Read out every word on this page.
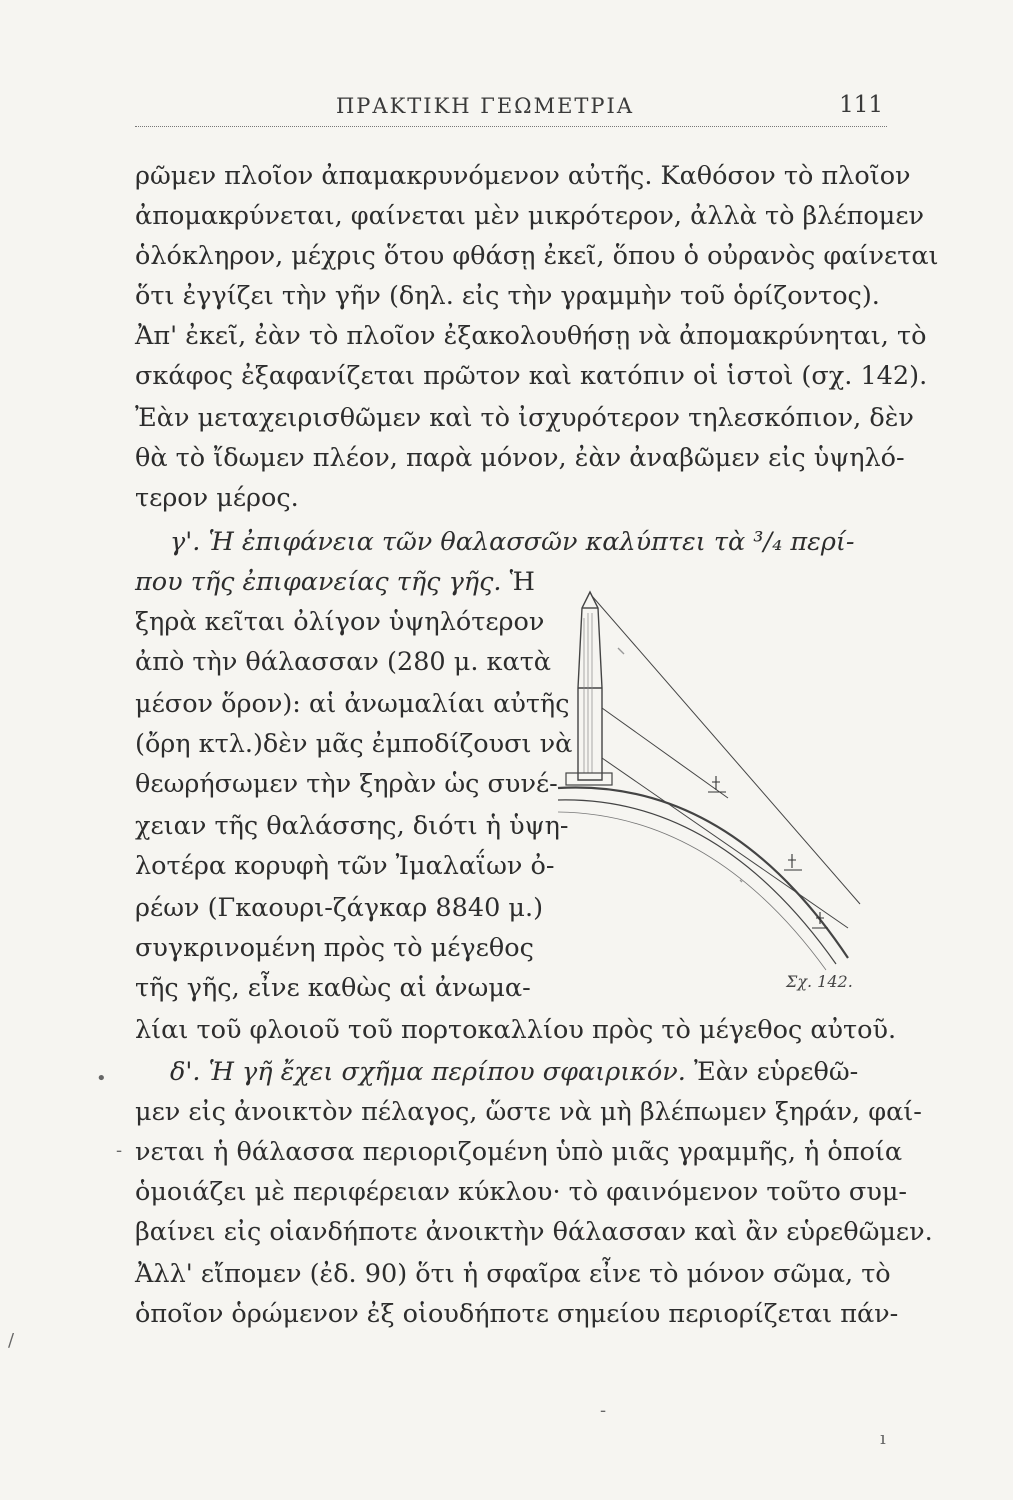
ΠΡΑΚΤΙΚΗ ΓΕΩΜΕΤΡΙΑ	111
ρῶμεν πλοῖον ἀπαμακρυνόμενον αὐτῆς. Καθόσον τὸ πλοῖον
ἀπομακρύνεται, φαίνεται μὲν μικρότερον, ἀλλὰ τὸ βλέπομεν
ὁλόκληρον, μέχρις ὅτου φθάσῃ ἐκεῖ, ὅπου ὁ οὐρανὸς φαίνεται
ὅτι ἐγγίζει τὴν γῆν (δηλ. εἰς τὴν γραμμὴν τοῦ ὁρίζοντος).
Ἀπ' ἐκεῖ, ἐὰν τὸ πλοῖον ἐξακολουθήσῃ νὰ ἀπομακρύνηται, τὸ
σκάφος ἐξαφανίζεται πρῶτον καὶ κατόπιν οἱ ἱστοὶ (σχ. 142).
Ἐὰν μεταχειρισθῶμεν καὶ τὸ ἰσχυρότερον τηλεσκόπιον, δὲν
θὰ τὸ ἴδωμεν πλέον, παρὰ μόνον, ἐὰν ἀναβῶμεν εἰς ὑψηλό-
τερον μέρος.
γ'. Ἡ ἐπιφάνεια τῶν θαλασσῶν καλύπτει τὰ ³/₄ περί-
που τῆς ἐπιφανείας τῆς γῆς. Ἡ
ξηρὰ κεῖται ὀλίγον ὑψηλότερον
ἀπὸ τὴν θάλασσαν (280 μ. κατὰ
μέσον ὅρον): αἱ ἀνωμαλίαι αὐτῆς
(ὄρη κτλ.)δὲν μᾶς ἐμποδίζουσι νὰ
θεωρήσωμεν τὴν ξηρὰν ὡς συνέ-
χειαν τῆς θαλάσσης, διότι ἡ ὑψη-
λοτέρα κορυφὴ τῶν Ἰμαλαΐων ὀ-
ρέων (Γκαουρι-ζάγκαρ 8840 μ.)
συγκρινομένη πρὸς τὸ μέγεθος
τῆς γῆς, εἶνε καθὼς αἱ ἀνωμα-
λίαι τοῦ φλοιοῦ τοῦ πορτοκαλλίου πρὸς τὸ μέγεθος αὐτοῦ.
Σχ. 142.
δ'. Ἡ γῆ ἔχει σχῆμα περίπου σφαιρικόν. Ἐὰν εὑρεθῶ-
μεν εἰς ἀνοικτὸν πέλαγος, ὥστε νὰ μὴ βλέπωμεν ξηράν, φαί-
νεται ἡ θάλασσα περιοριζομένη ὑπὸ μιᾶς γραμμῆς, ἡ ὁποία
ὁμοιάζει μὲ περιφέρειαν κύκλου· τὸ φαινόμενον τοῦτο συμ-
βαίνει εἰς οἱανδήποτε ἀνοικτὴν θάλασσαν καὶ ἂν εὑρεθῶμεν.
Ἀλλ' εἴπομεν (ἐδ. 90) ὅτι ἡ σφαῖρα εἶνε τὸ μόνον σῶμα, τὸ
ὁποῖον ὁρώμενον ἐξ οἱουδήποτε σημείου περιορίζεται πάν-
•
-
/
-
ı
